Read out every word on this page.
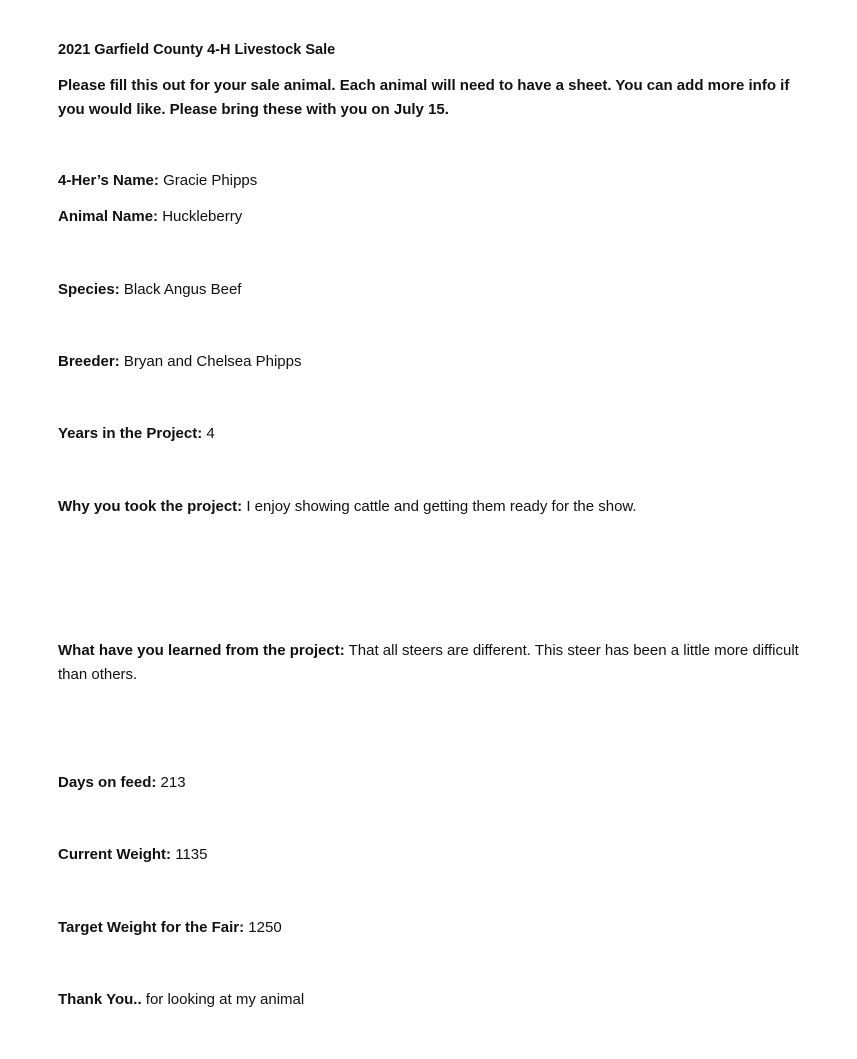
2021 Garfield County 4-H Livestock Sale
Please fill this out for your sale animal. Each animal will need to have a sheet. You can add more info if you would like. Please bring these with you on July 15.
4-Her’s Name: Gracie Phipps
Animal Name: Huckleberry
Species: Black Angus Beef
Breeder: Bryan and Chelsea Phipps
Years in the Project: 4
Why you took the project: I enjoy showing cattle and getting them ready for the show.
What have you learned from the project: That all steers are different. This steer has been a little more difficult than others.
Days on feed: 213
Current Weight: 1135
Target Weight for the Fair: 1250
Thank You.. for looking at my animal
